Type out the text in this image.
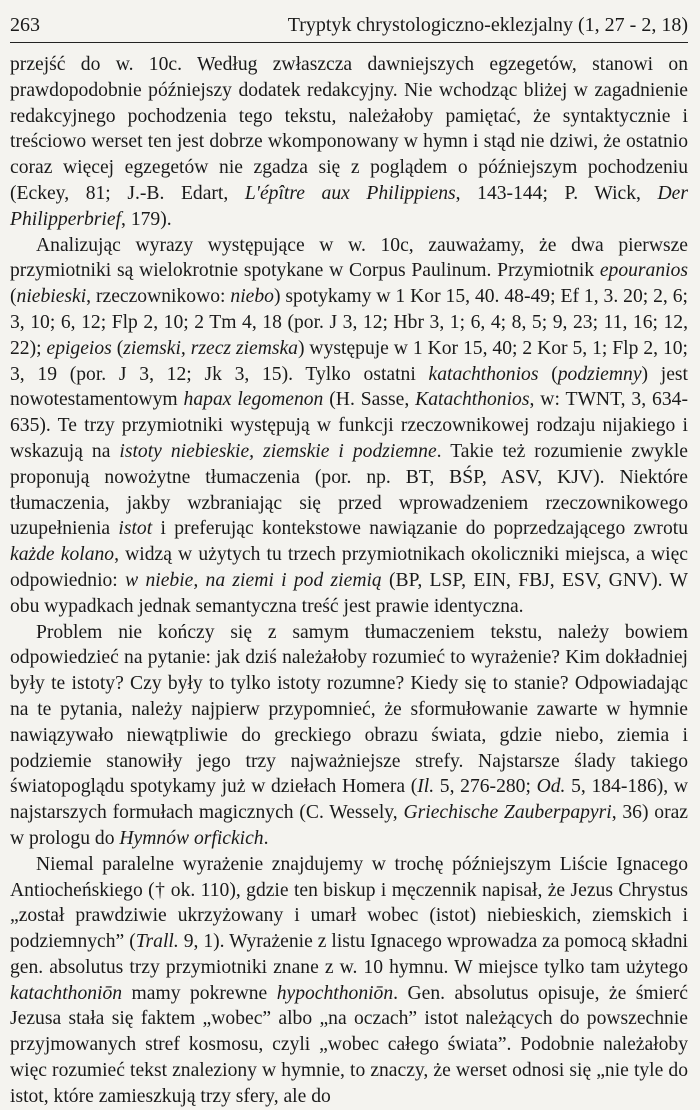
263	Tryptyk chrystologiczno-eklezjalny (1, 27 - 2, 18)

przejść do w. 10c. Według zwłaszcza dawniejszych egzegetów, stanowi on prawdopodobnie późniejszy dodatek redakcyjny. Nie wchodząc bliżej w zagadnienie redakcyjnego pochodzenia tego tekstu, należałoby pamiętać, że syntaktycznie i treściowo werset ten jest dobrze wkomponowany w hymn i stąd nie dziwi, że ostatnio coraz więcej egzegetów nie zgadza się z poglądem o późniejszym pochodzeniu (Eckey, 81; J.-B. Edart, L'épître aux Philippiens, 143-144; P. Wick, Der Philipperbrief, 179).

Analizując wyrazy występujące w w. 10c, zauważamy, że dwa pierwsze przymiotniki są wielokrotnie spotykane w Corpus Paulinum. Przymiotnik epouranios (niebieski, rzeczownikowo: niebo) spotykamy w 1 Kor 15, 40. 48-49; Ef 1, 3. 20; 2, 6; 3, 10; 6, 12; Flp 2, 10; 2 Tm 4, 18 (por. J 3, 12; Hbr 3, 1; 6, 4; 8, 5; 9, 23; 11, 16; 12, 22); epigeios (ziemski, rzecz ziemska) występuje w 1 Kor 15, 40; 2 Kor 5, 1; Flp 2, 10; 3, 19 (por. J 3, 12; Jk 3, 15). Tylko ostatni katachthonios (podziemny) jest nowotestamentowym hapax legomenon (H. Sasse, Katachthonios, w: TWNT, 3, 634-635). Te trzy przymiotniki występują w funkcji rzeczownikowej rodzaju nijakiego i wskazują na istoty niebieskie, ziemskie i podziemne. Takie też rozumienie zwykle proponują nowożytne tłumaczenia (por. np. BT, BŚP, ASV, KJV). Niektóre tłumaczenia, jakby wzbraniając się przed wprowadzeniem rzeczownikowego uzupełnienia istot i preferując kontekstowe nawiązanie do poprzedzającego zwrotu każde kolano, widzą w użytych tu trzech przymiotnikach okoliczniki miejsca, a więc odpowiednio: w niebie, na ziemi i pod ziemią (BP, LSP, EIN, FBJ, ESV, GNV). W obu wypadkach jednak semantyczna treść jest prawie identyczna.

Problem nie kończy się z samym tłumaczeniem tekstu, należy bowiem odpowiedzieć na pytanie: jak dziś należałoby rozumieć to wyrażenie? Kim dokładniej były te istoty? Czy były to tylko istoty rozumne? Kiedy się to stanie? Odpowiadając na te pytania, należy najpierw przypomnieć, że sformułowanie zawarte w hymnie nawiązywało niewątpliwie do greckiego obrazu świata, gdzie niebo, ziemia i podziemie stanowiły jego trzy najważniejsze strefy. Najstarsze ślady takiego światopoglądu spotykamy już w dziełach Homera (Il. 5, 276-280; Od. 5, 184-186), w najstarszych formułach magicznych (C. Wessely, Griechische Zauberpapyri, 36) oraz w prologu do Hymnów orfickich.

Niemal paralelne wyrażenie znajdujemy w trochę późniejszym Liście Ignacego Antiocheńskiego († ok. 110), gdzie ten biskup i męczennik napisał, że Jezus Chrystus „został prawdziwie ukrzyżowany i umarł wobec (istot) niebieskich, ziemskich i podziemnych” (Trall. 9, 1). Wyrażenie z listu Ignacego wprowadza za pomocą składni gen. absolutus trzy przymiotniki znane z w. 10 hymnu. W miejsce tylko tam użytego katachthoniōn mamy pokrewne hypochthoniōn. Gen. absolutus opisuje, że śmierć Jezusa stała się faktem „wobec” albo „na oczach” istot należących do powszechnie przyjmowanych stref kosmosu, czyli „wobec całego świata”. Podobnie należałoby więc rozumieć tekst znaleziony w hymnie, to znaczy, że werset odnosi się „nie tyle do istot, które zamieszkują trzy sfery, ale do
